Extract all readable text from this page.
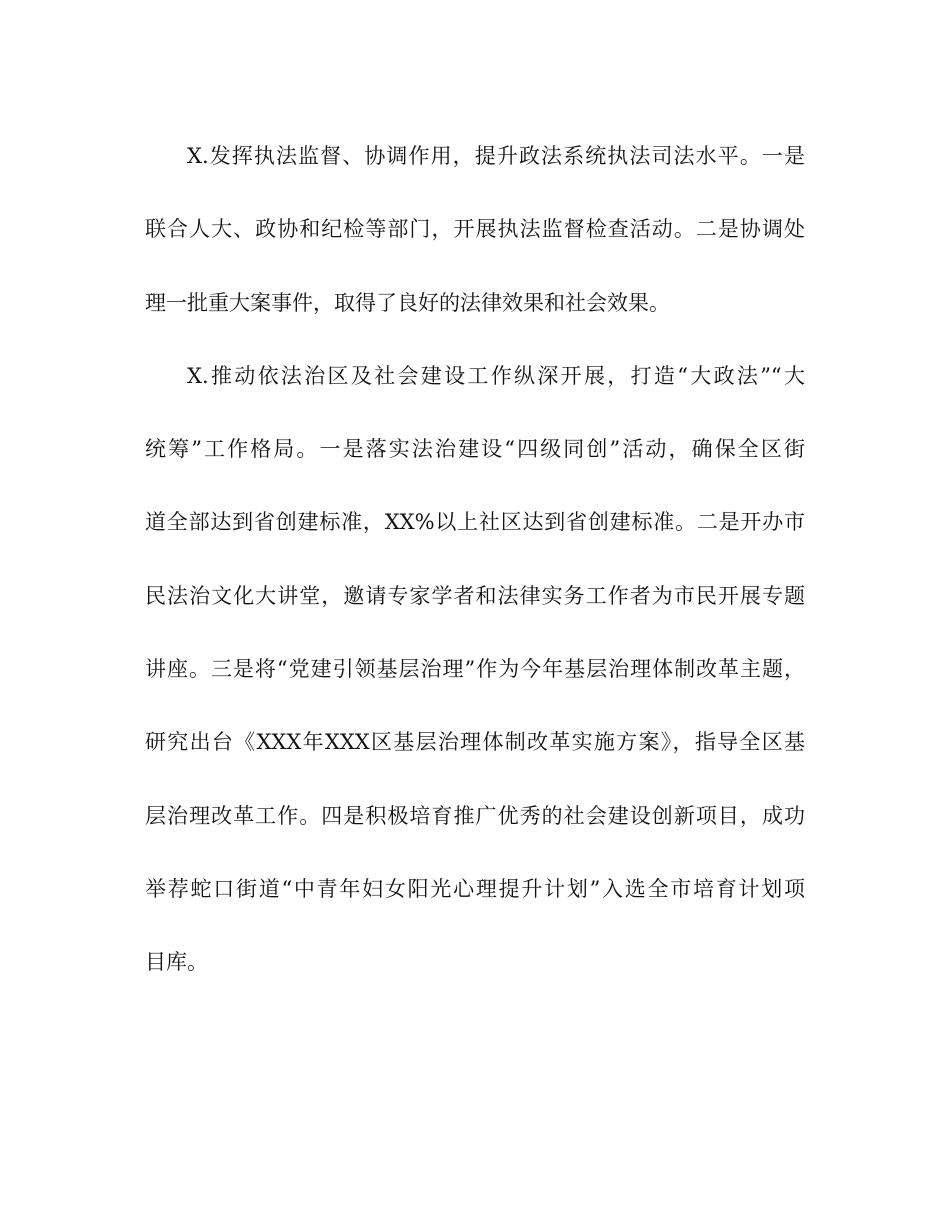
X.发挥执法监督、协调作用，提升政法系统执法司法水平。一是
联合人大、政协和纪检等部门，开展执法监督检查活动。二是协调处
理一批重大案事件，取得了良好的法律效果和社会效果。
X.推动依法治区及社会建设工作纵深开展，打造“大政法”“大
统筹”工作格局。一是落实法治建设“四级同创”活动，确保全区街
道全部达到省创建标准，XX%以上社区达到省创建标准。二是开办市
民法治文化大讲堂，邀请专家学者和法律实务工作者为市民开展专题
讲座。三是将“党建引领基层治理”作为今年基层治理体制改革主题，
研究出台《XXX年XXX区基层治理体制改革实施方案》，指导全区基
层治理改革工作。四是积极培育推广优秀的社会建设创新项目，成功
举荐蛇口街道“中青年妇女阳光心理提升计划”入选全市培育计划项
目库。
